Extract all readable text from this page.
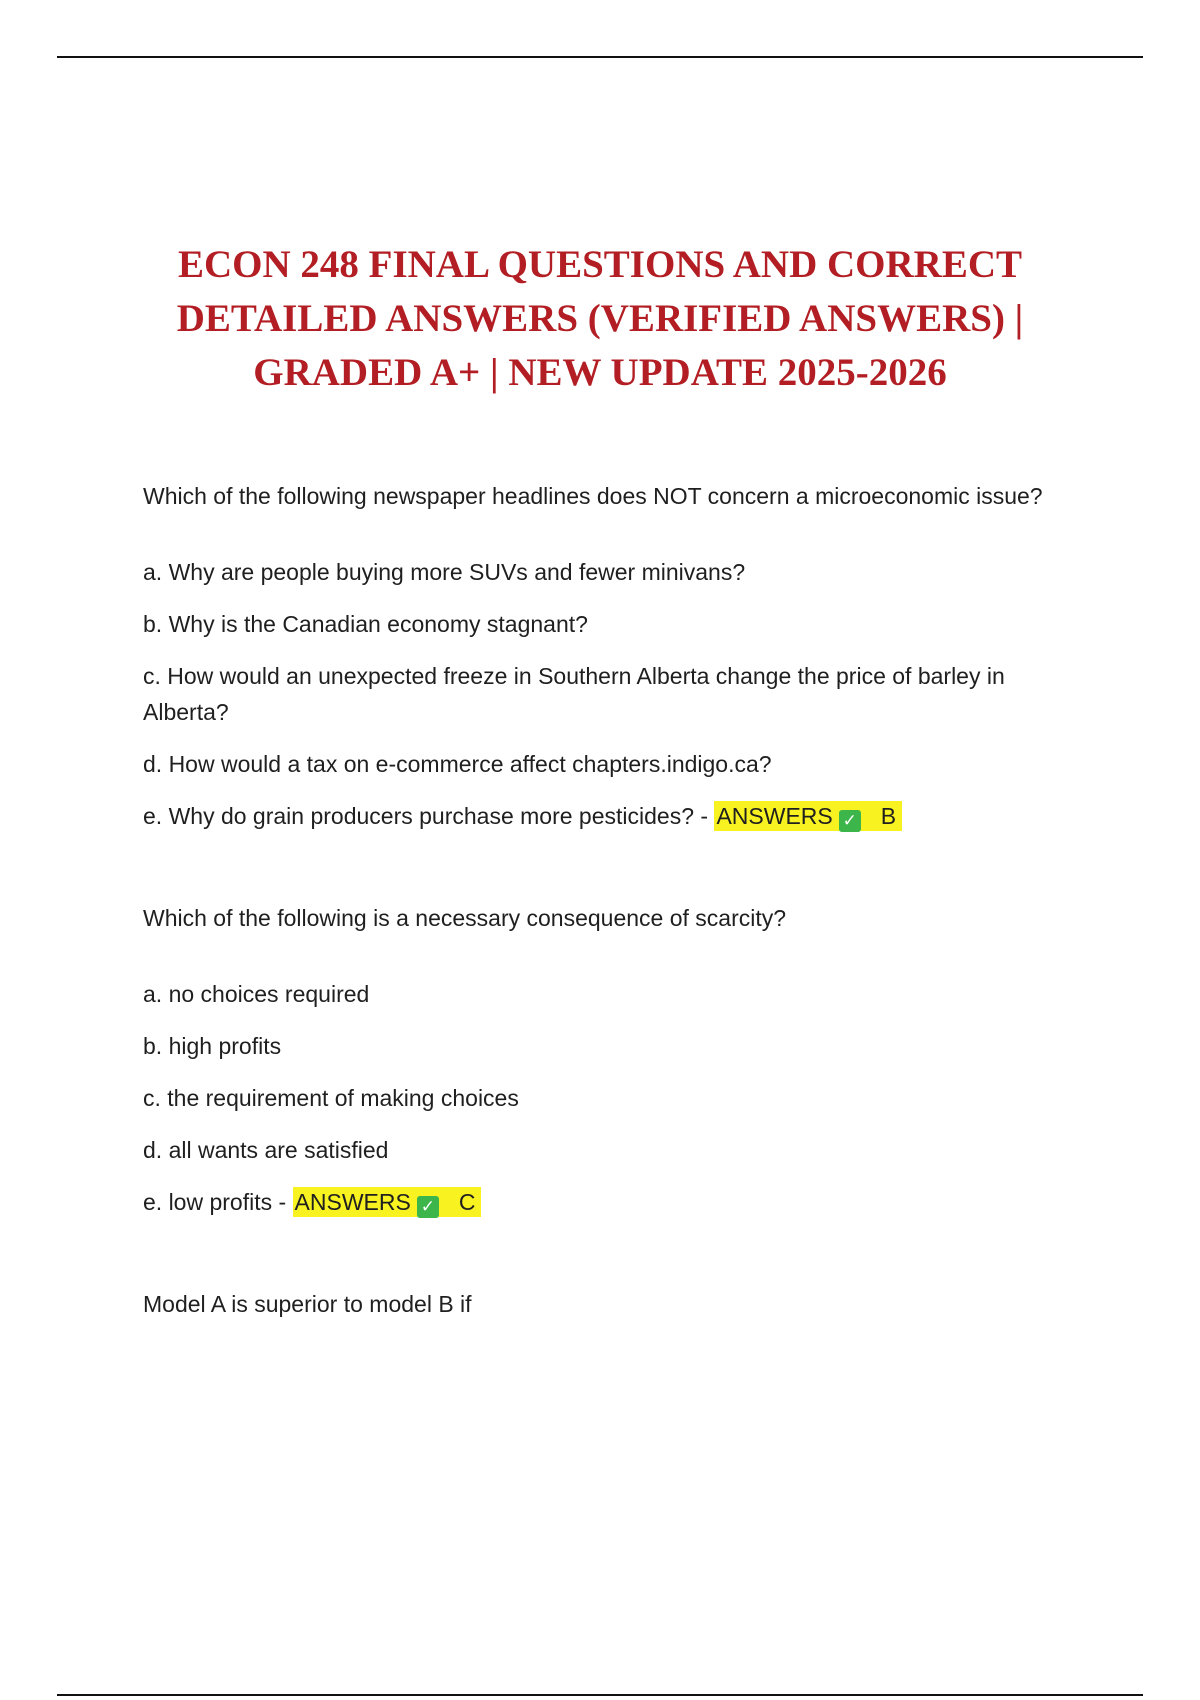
ECON 248 FINAL QUESTIONS AND CORRECT
DETAILED ANSWERS (VERIFIED ANSWERS) |
GRADED A+ | NEW UPDATE 2025-2026

Which of the following newspaper headlines does NOT concern a microeconomic issue?

a. Why are people buying more SUVs and fewer minivans?
b. Why is the Canadian economy stagnant?
c. How would an unexpected freeze in Southern Alberta change the price of barley in Alberta?
d. How would a tax on e-commerce affect chapters.indigo.ca?
e. Why do grain producers purchase more pesticides? - ANSWERS ✓ B

Which of the following is a necessary consequence of scarcity?

a. no choices required
b. high profits
c. the requirement of making choices
d. all wants are satisfied
e. low profits - ANSWERS ✓ C

Model A is superior to model B if
